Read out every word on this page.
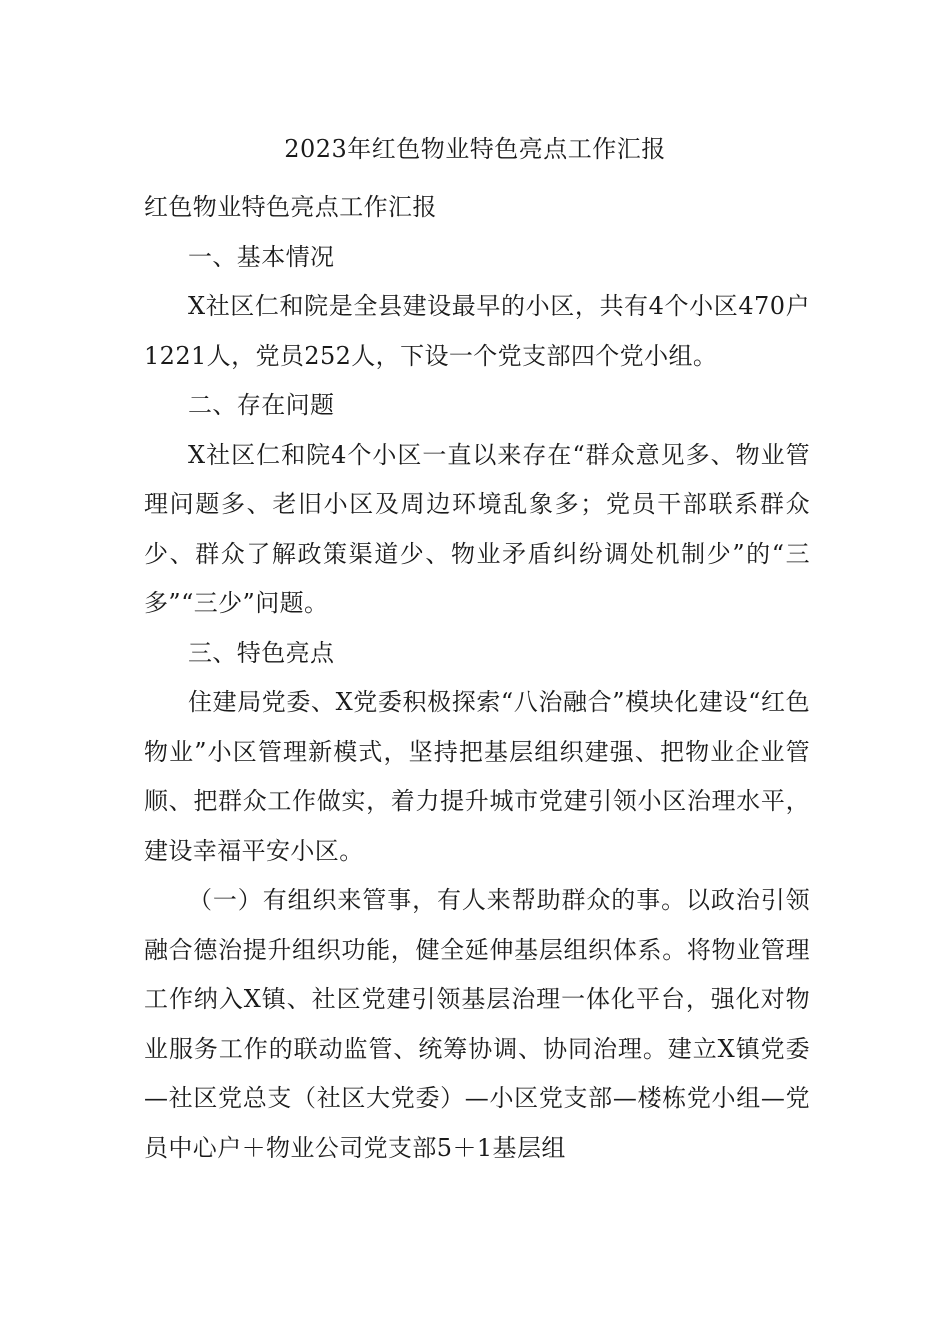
2023年红色物业特色亮点工作汇报

红色物业特色亮点工作汇报

一、基本情况

X社区仁和院是全县建设最早的小区，共有4个小区470户1221人，党员252人，下设一个党支部四个党小组。

二、存在问题

X社区仁和院4个小区一直以来存在“群众意见多、物业管理问题多、老旧小区及周边环境乱象多；党员干部联系群众少、群众了解政策渠道少、物业矛盾纠纷调处机制少”的“三多”“三少”问题。

三、特色亮点

住建局党委、X党委积极探索“八治融合”模块化建设“红色物业”小区管理新模式，坚持把基层组织建强、把物业企业管顺、把群众工作做实，着力提升城市党建引领小区治理水平，建设幸福平安小区。

（一）有组织来管事，有人来帮助群众的事。以政治引领融合德治提升组织功能，健全延伸基层组织体系。将物业管理工作纳入X镇、社区党建引领基层治理一体化平台，强化对物业服务工作的联动监管、统筹协调、协同治理。建立X镇党委—社区党总支（社区大党委）—小区党支部—楼栋党小组—党员中心户＋物业公司党支部5＋1基层组
